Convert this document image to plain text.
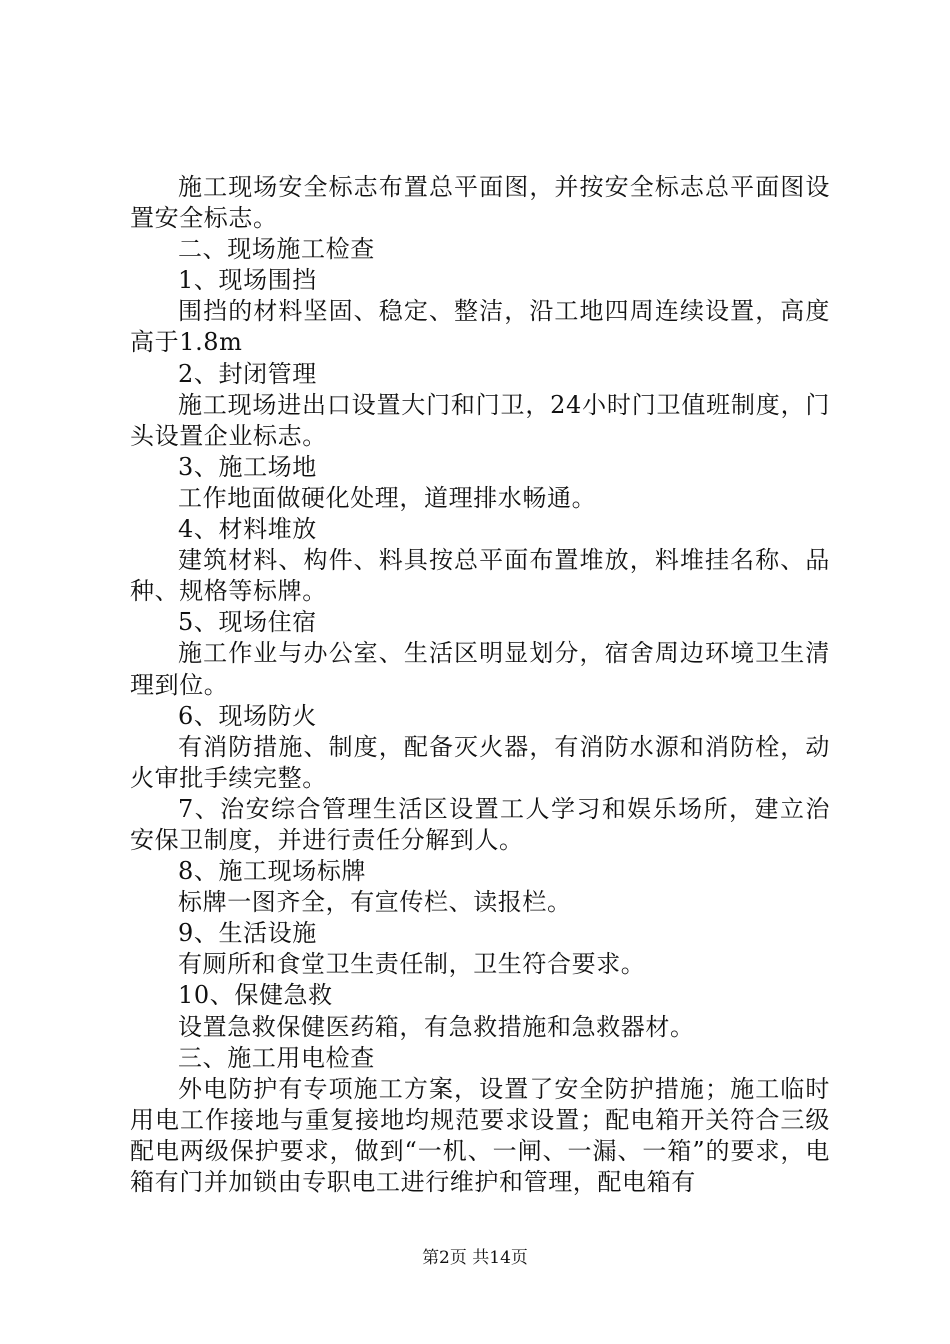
施工现场安全标志布置总平面图，并按安全标志总平面图设置安全标志。

二、现场施工检查

1、现场围挡

围挡的材料坚固、稳定、整洁，沿工地四周连续设置，高度高于1.8m

2、封闭管理

施工现场进出口设置大门和门卫，24小时门卫值班制度，门头设置企业标志。

3、施工场地

工作地面做硬化处理，道理排水畅通。

4、材料堆放

建筑材料、构件、料具按总平面布置堆放，料堆挂名称、品种、规格等标牌。

5、现场住宿

施工作业与办公室、生活区明显划分，宿舍周边环境卫生清理到位。

6、现场防火

有消防措施、制度，配备灭火器，有消防水源和消防栓，动火审批手续完整。

7、治安综合管理生活区设置工人学习和娱乐场所，建立治安保卫制度，并进行责任分解到人。

8、施工现场标牌

标牌一图齐全，有宣传栏、读报栏。

9、生活设施

有厕所和食堂卫生责任制，卫生符合要求。

10、保健急救

设置急救保健医药箱，有急救措施和急救器材。

三、施工用电检查

外电防护有专项施工方案，设置了安全防护措施；施工临时用电工作接地与重复接地均规范要求设置；配电箱开关符合三级配电两级保护要求，做到“一机、一闸、一漏、一箱”的要求，电箱有门并加锁由专职电工进行维护和管理，配电箱有

第2页 共14页
